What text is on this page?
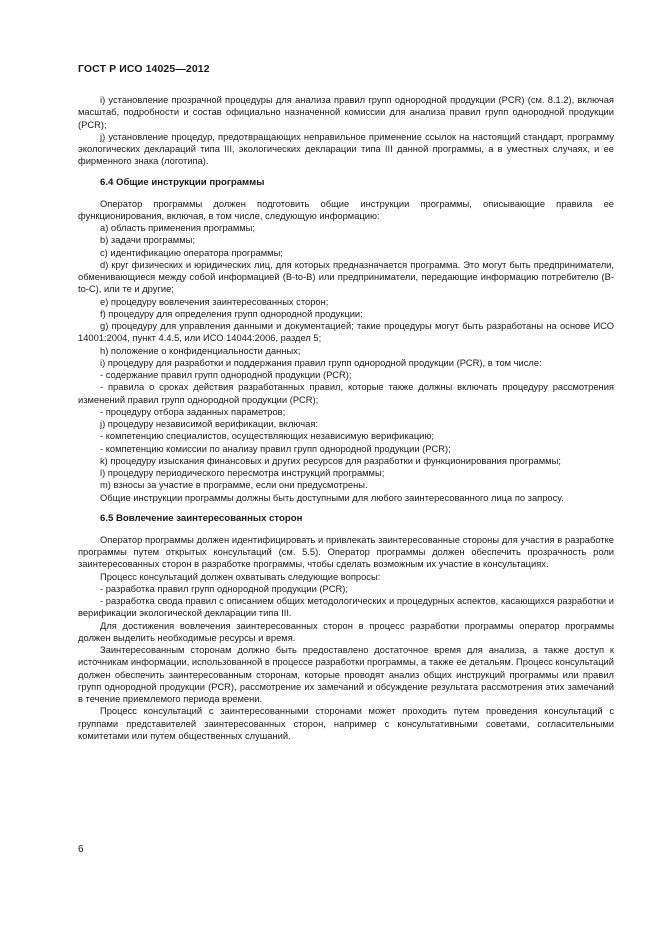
ГОСТ Р ИСО 14025—2012

i) установление прозрачной процедуры для анализа правил групп однородной продукции (PCR) (см. 8.1.2), включая масштаб, подробности и состав официально назначенной комиссии для анализа правил групп однородной продукции (PCR);

j) установление процедур, предотвращающих неправильное применение ссылок на настоящий стандарт, программу экологических деклараций типа III, экологических декларации типа III данной программы, а в уместных случаях, и ее фирменного знака (логотипа).

6.4 Общие инструкции программы

Оператор программы должен подготовить общие инструкции программы, описывающие правила ее функционирования, включая, в том числе, следующую информацию:

a) область применения программы;

b) задачи программы;

c) идентификацию оператора программы;

d) круг физических и юридических лиц, для которых предназначается программа. Это могут быть предприниматели, обменивающиеся между собой информацией (B-to-B) или предприниматели, передающие информацию потребителю (B-to-C), или те и другие;

e) процедуру вовлечения заинтересованных сторон;

f) процедуру для определения групп однородной продукции;

g) процедуру для управления данными и документацией; такие процедуры могут быть разработаны на основе ИСО 14001:2004, пункт 4.4.5, или ИСО 14044:2006, раздел 5;

h) положение о конфиденциальности данных;

i) процедуру для разработки и поддержания правил групп однородной продукции (PCR), в том числе:

- содержание правил групп однородной продукции (PCR);

- правила о сроках действия разработанных правил, которые также должны включать процедуру рассмотрения изменений правил групп однородной продукции (PCR);

- процедуру отбора заданных параметров;

j) процедуру независимой верификации, включая:

- компетенцию специалистов, осуществляющих независимую верификацию;

- компетенцию комиссии по анализу правил групп однородной продукции (PCR);

k) процедуру изыскания финансовых и других ресурсов для разработки и функционирования программы;

l) процедуру периодического пересмотра инструкций программы;

m) взносы за участие в программе, если они предусмотрены.

Общие инструкции программы должны быть доступными для любого заинтересованного лица по запросу.

6.5 Вовлечение заинтересованных сторон

Оператор программы должен идентифицировать и привлекать заинтересованные стороны для участия в разработке программы путем открытых консультаций (см. 5.5). Оператор программы должен обеспечить прозрачность роли заинтересованных сторон в разработке программы, чтобы сделать возможным их участие в консультациях.

Процесс консультаций должен охватывать следующие вопросы:

- разработка правил групп однородной продукции (PCR);

- разработка свода правил с описанием общих методологических и процедурных аспектов, касающихся разработки и верификации экологической декларации типа III.

Для достижения вовлечения заинтересованных сторон в процесс разработки программы оператор программы должен выделить необходимые ресурсы и время.

Заинтересованным сторонам должно быть предоставлено достаточное время для анализа, а также доступ к источникам информации, использованной в процессе разработки программы, а также ее детальям. Процесс консультаций должен обеспечить заинтересованным сторонам, которые проводят анализ общих инструкций программы или правил групп однородной продукции (PCR), рассмотрение их замечаний и обсуждение результата рассмотрения этих замечаний в течение приемлемого периода времени.

Процесс консультаций с заинтересованными сторонами может проходить путем проведения консультаций с группами представителей заинтересованных сторон, например с консультативными советами, согласительными комитетами или путем общественных слушаний.

6
